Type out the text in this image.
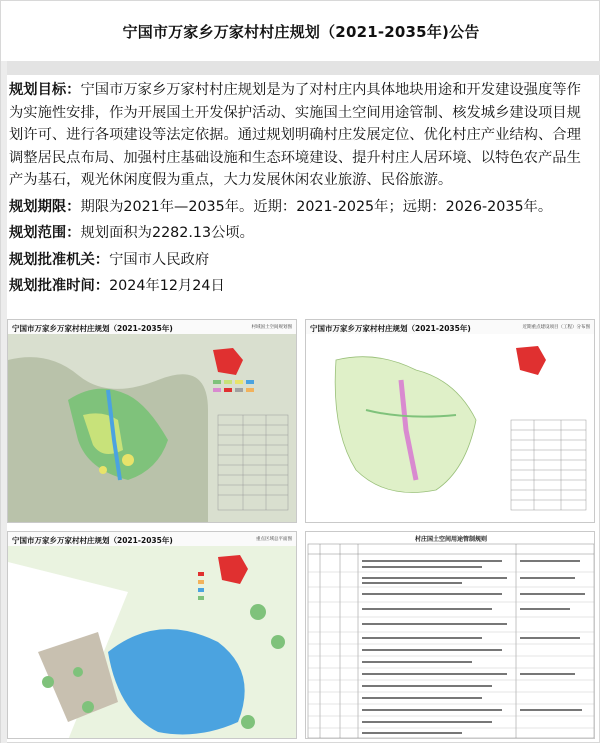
宁国市万家乡万家村村庄规划（2021-2035年)公告

规划目标：宁国市万家乡万家村村庄规划是为了对村庄内具体地块用途和开发建设强度等作为实施性安排，作为开展国土开发保护活动、实施国土空间用途管制、核发城乡建设项目规划许可、进行各项建设等法定依据。通过规划明确村庄发展定位、优化村庄产业结构、合理调整居民点布局、加强村庄基础设施和生态环境建设、提升村庄人居环境、以特色农产品生产为基石，观光休闲度假为重点，大力发展休闲农业旅游、民俗旅游。

规划期限：期限为2021年—2035年。近期：2021-2025年；远期：2026-2035年。

规划范围：规划面积为2282.13公顷。

规划批准机关：宁国市人民政府

规划批准时间：2024年12月24日

宁国市万家乡万家村村庄规划（2021-2035年)	村域国土空间规划图 宁国市万家乡万家村村庄规划（2021-2035年)	近期重点建设项目（工程）分布图
宁国市万家乡万家村村庄规划（2021-2035年)	重点区域总平面图	村庄国土空间用途管制规则
